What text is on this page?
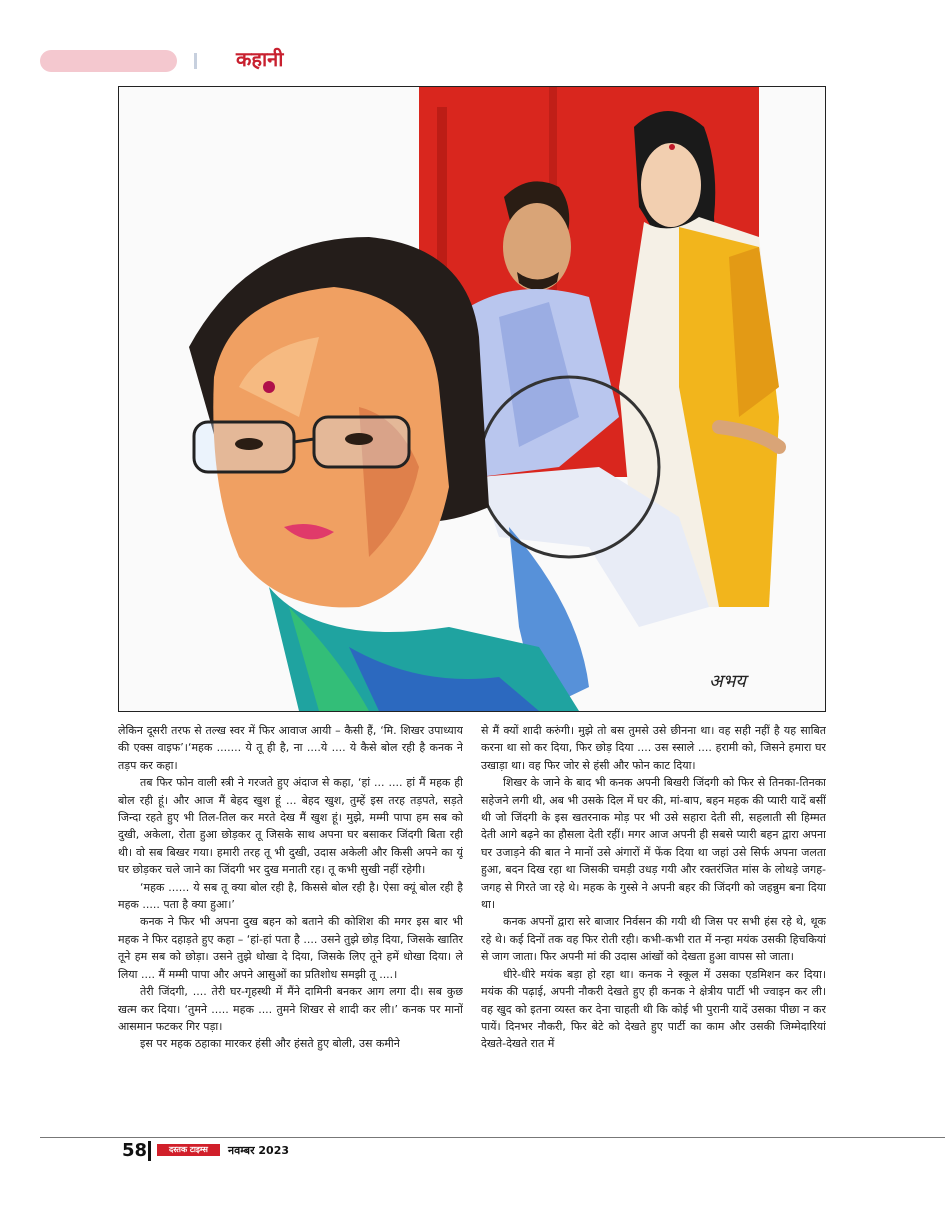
कहानी
अभय

लेकिन दूसरी तरफ से तल्ख स्वर में फिर आवाज आयी – कैसी हैं, ‘मि. शिखर उपाध्याय की एक्स वाइफ’।‘महक ....... ये तू ही है, ना ....ये .... ये कैसे बोल रही है कनक ने तड़प कर कहा।

तब फिर फोन वाली स्त्री ने गरजते हुए अंदाज से कहा, ‘हां ... .... हां मैं महक ही बोल रही हूं। और आज मैं बेहद खुश हूं ... बेहद खुश, तुम्हें इस तरह तड़पते, सड़ते जिन्दा रहते हुए भी तिल-तिल कर मरते देख मैं खुश हूं। मुझे, मम्मी पापा हम सब को दुखी, अकेला, रोता हुआ छोड़कर तू जिसके साथ अपना घर बसाकर जिंदगी बिता रही थी। वो सब बिखर गया। हमारी तरह तू भी दुखी, उदास अकेली और किसी अपने का यूं घर छोड़कर चले जाने का जिंदगी भर दुख मनाती रह। तू कभी सुखी नहीं रहेगी।

‘महक ...... ये सब तू क्या बोल रही है, किससे बोल रही है। ऐसा क्यूं बोल रही है महक ..... पता है क्या हुआ।’

कनक ने फिर भी अपना दुख बहन को बताने की कोशिश की मगर इस बार भी महक ने फिर दहाड़ते हुए कहा – ‘हां-हां पता है .... उसने तुझे छोड़ दिया, जिसके खातिर तूने हम सब को छोड़ा। उसने तुझे धोखा दे दिया, जिसके लिए तूने हमें धोखा दिया। ले लिया .... मैं मम्मी पापा और अपने आसुओं का प्रतिशोध समझी तू ....।

तेरी जिंदगी, .... तेरी घर-गृहस्थी में मैंने दामिनी बनकर आग लगा दी। सब कुछ खत्म कर दिया। ‘तुमने ..... महक .... तुमने शिखर से शादी कर ली।’ कनक पर मानों आसमान फटकर गिर पड़ा।

इस पर महक ठहाका मारकर हंसी और हंसते हुए बोली, उस कमीने

से मैं क्यों शादी करुंगी। मुझे तो बस तुमसे उसे छीनना था। वह सही नहीं है यह साबित करना था सो कर दिया, फिर छोड़ दिया .... उस स्साले .... हरामी को, जिसने हमारा घर उखाड़ा था। वह फिर जोर से हंसी और फोन काट दिया।

शिखर के जाने के बाद भी कनक अपनी बिखरी जिंदगी को फिर से तिनका-तिनका सहेजने लगी थी, अब भी उसके दिल में घर की, मां-बाप, बहन महक की प्यारी यादें बसीं थी जो जिंदगी के इस खतरनाक मोड़ पर भी उसे सहारा देती सी, सहलाती सी हिम्मत देती आगे बढ़ने का हौसला देती रहीं। मगर आज अपनी ही सबसे प्यारी बहन द्वारा अपना घर उजाड़ने की बात ने मानों उसे अंगारों में फेंक दिया था जहां उसे सिर्फ अपना जलता हुआ, बदन दिख रहा था जिसकी चमड़ी उधड़ गयी और रक्तरंजित मांस के लोथड़े जगह-जगह से गिरते जा रहे थे। महक के गुस्से ने अपनी बहर की जिंदगी को जहन्नुम बना दिया था।

कनक अपनों द्वारा सरे बाजार निर्वसन की गयी थी जिस पर सभी हंस रहे थे, थूक रहे थे। कई दिनों तक वह फिर रोती रही। कभी-कभी रात में नन्हा मयंक उसकी हिचकियां से जाग जाता। फिर अपनी मां की उदास आंखों को देखता हुआ वापस सो जाता।

धीरे-धीरे मयंक बड़ा हो रहा था। कनक ने स्कूल में उसका एडमिशन कर दिया। मयंक की पढ़ाई, अपनी नौकरी देखते हुए ही कनक ने क्षेत्रीय पार्टी भी ज्वाइन कर ली। वह खुद को इतना व्यस्त कर देना चाहती थी कि कोई भी पुरानी यादें उसका पीछा न कर पायें। दिनभर नौकरी, फिर बेटे को देखते हुए पार्टी का काम और उसकी जिम्मेदारियां देखते-देखते रात में

58	दस्तक टाइम्स	नवम्बर 2023
